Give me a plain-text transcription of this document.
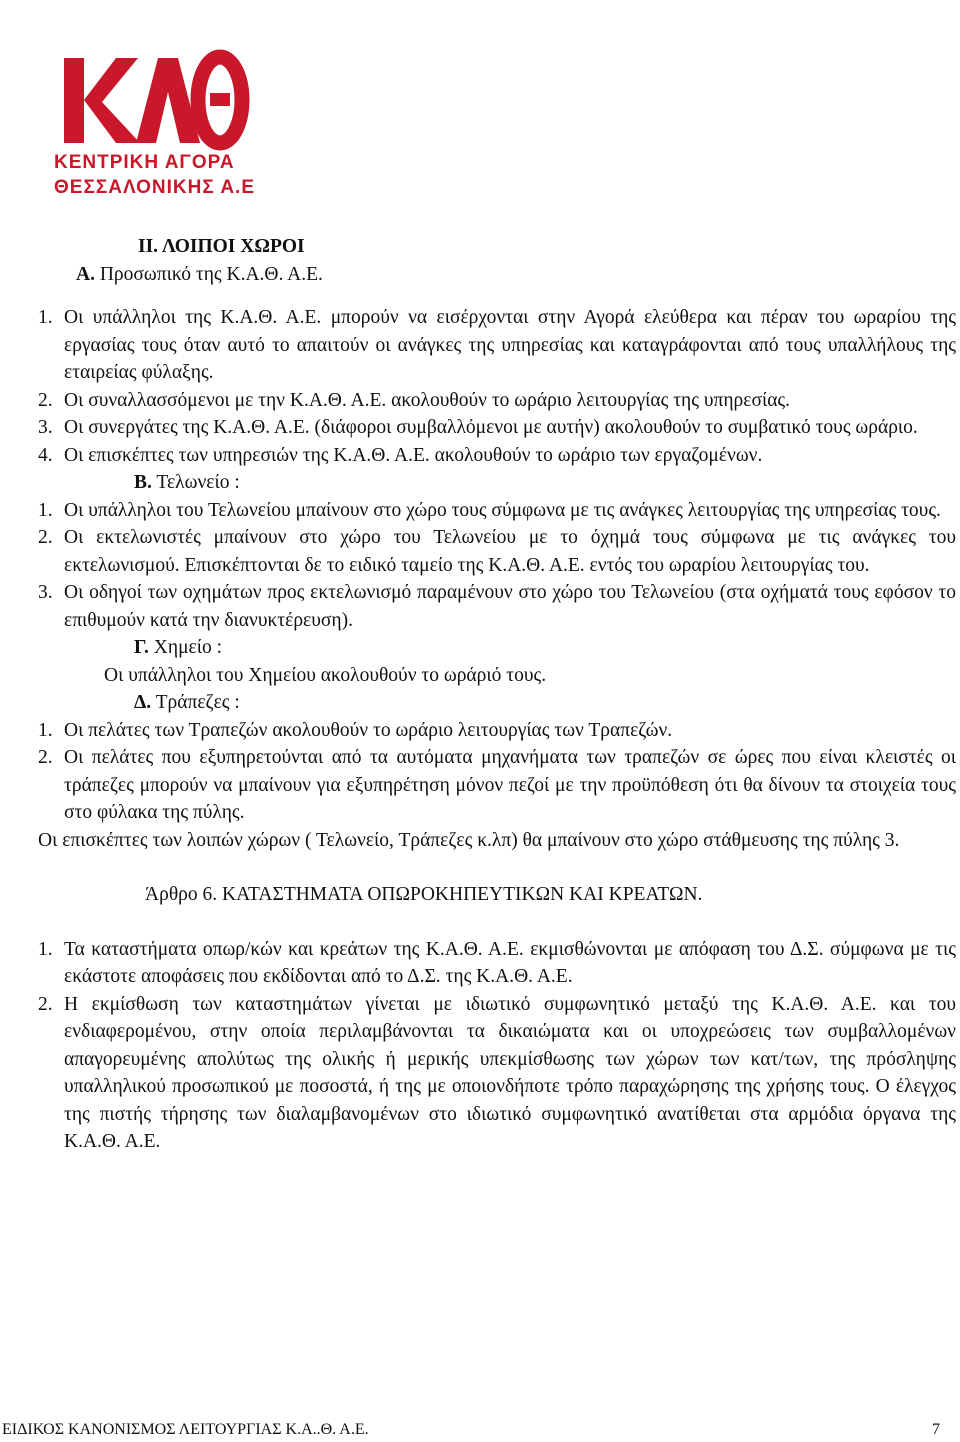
ΚΕΝΤΡΙΚΗ ΑΓΟΡΑ
ΘΕΣΣΑΛΟΝΙΚΗΣ Α.Ε

ΙΙ. ΛΟΙΠΟΙ ΧΩΡΟΙ

Α. Προσωπικό της Κ.Α.Θ. Α.Ε.

1. Οι υπάλληλοι της Κ.Α.Θ. Α.Ε. μπορούν να εισέρχονται στην Αγορά ελεύθερα και πέραν του ωραρίου της εργασίας τους όταν αυτό το απαιτούν οι ανάγκες της υπηρεσίας και καταγράφονται από τους υπαλλήλους της εταιρείας φύλαξης.
2. Οι συναλλασσόμενοι με την Κ.Α.Θ. Α.Ε. ακολουθούν το ωράριο λειτουργίας της υπηρεσίας.
3. Οι συνεργάτες της Κ.Α.Θ. Α.Ε. (διάφοροι συμβαλλόμενοι με αυτήν) ακολουθούν το συμβατικό τους ωράριο.
4. Οι επισκέπτες των υπηρεσιών της Κ.Α.Θ. Α.Ε. ακολουθούν το ωράριο των εργαζομένων.

Β. Τελωνείο :

1. Οι υπάλληλοι του Τελωνείου μπαίνουν στο χώρο τους σύμφωνα με τις ανάγκες λειτουργίας της υπηρεσίας τους.
2. Οι εκτελωνιστές μπαίνουν στο χώρο του Τελωνείου με το όχημά τους σύμφωνα με τις ανάγκες του εκτελωνισμού. Επισκέπτονται δε το ειδικό ταμείο της Κ.Α.Θ. Α.Ε. εντός του ωραρίου λειτουργίας του.
3. Οι οδηγοί των οχημάτων προς εκτελωνισμό παραμένουν στο χώρο του Τελωνείου (στα οχήματά τους εφόσον το επιθυμούν κατά την διανυκτέρευση).

Γ. Χημείο :

Οι υπάλληλοι του Χημείου ακολουθούν το ωράριό τους.

Δ. Τράπεζες :

1. Οι πελάτες των Τραπεζών ακολουθούν το ωράριο λειτουργίας των Τραπεζών.
2. Οι πελάτες που εξυπηρετούνται από τα αυτόματα μηχανήματα των τραπεζών σε ώρες που είναι κλειστές οι τράπεζες μπορούν να μπαίνουν για εξυπηρέτηση μόνον πεζοί με την προϋπόθεση ότι θα δίνουν τα στοιχεία τους στο φύλακα της πύλης.

Οι επισκέπτες των λοιπών χώρων ( Τελωνείο, Τράπεζες κ.λπ) θα μπαίνουν στο χώρο στάθμευσης της πύλης 3.

Άρθρο 6. ΚΑΤΑΣΤΗΜΑΤΑ ΟΠΩΡΟΚΗΠΕΥΤΙΚΩΝ ΚΑΙ ΚΡΕΑΤΩΝ.

1. Τα καταστήματα οπωρ/κών και κρεάτων της Κ.Α.Θ. Α.Ε. εκμισθώνονται με απόφαση του Δ.Σ. σύμφωνα με τις εκάστοτε αποφάσεις που εκδίδονται από το Δ.Σ. της Κ.Α.Θ. Α.Ε.
2. Η εκμίσθωση των καταστημάτων γίνεται με ιδιωτικό συμφωνητικό μεταξύ της Κ.Α.Θ. Α.Ε. και του ενδιαφερομένου, στην οποία περιλαμβάνονται τα δικαιώματα και οι υποχρεώσεις των συμβαλλομένων απαγορευμένης απολύτως της ολικής ή μερικής υπεκμίσθωσης των χώρων των κατ/των, της πρόσληψης υπαλληλικού προσωπικού με ποσοστά, ή της με οποιονδήποτε τρόπο παραχώρησης της χρήσης τους. Ο έλεγχος της πιστής τήρησης των διαλαμβανομένων στο ιδιωτικό συμφωνητικό ανατίθεται στα αρμόδια όργανα της Κ.Α.Θ. Α.Ε.
ΕΙΔΙΚΟΣ ΚΑΝΟΝΙΣΜΟΣ ΛΕΙΤΟΥΡΓΙΑΣ Κ.Α..Θ. Α.Ε.	7
